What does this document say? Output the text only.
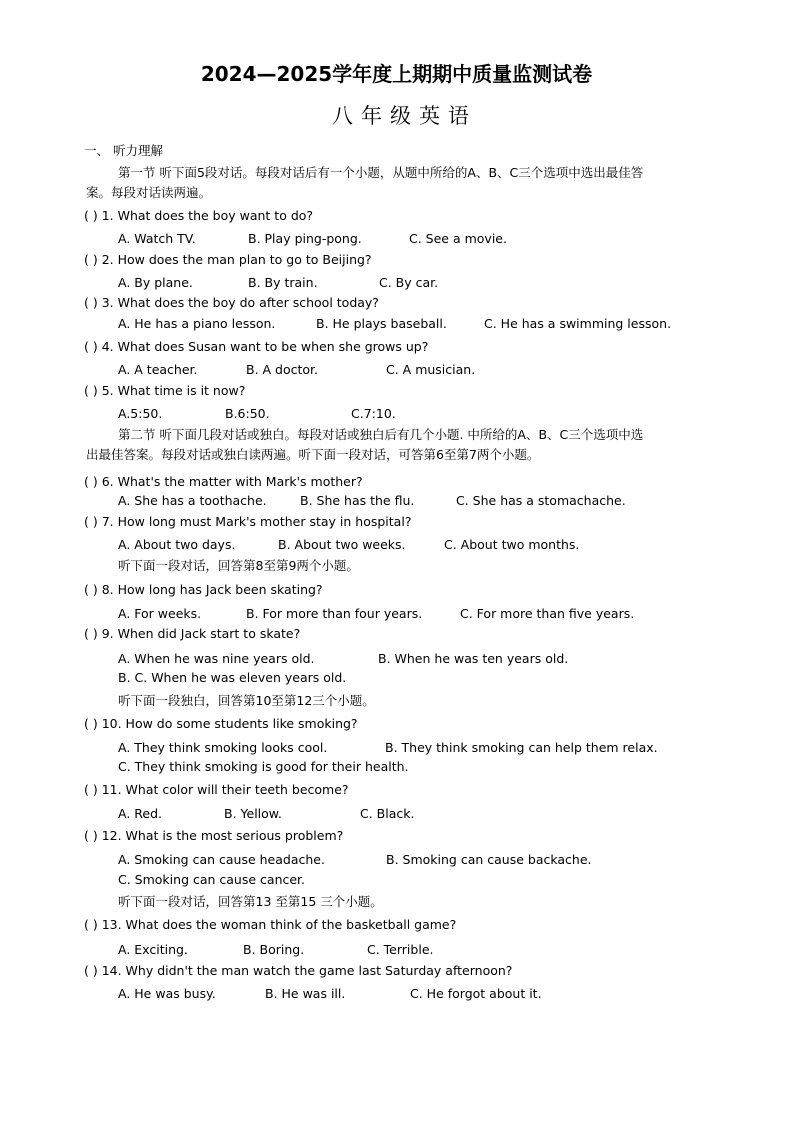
2024—2025学年度上期期中质量监测试卷
八年级英语
一、 听力理解
第一节 听下面5段对话。每段对话后有一个小题，从题中所给的A、B、C三个选项中选出最佳答
案。每段对话读两遍。
( ) 1. What does the boy want to do?
A. Watch TV.	B. Play ping-pong.	C. See a movie.
( ) 2. How does the man plan to go to Beijing?
A. By plane.	B. By train.	C. By car.
( ) 3. What does the boy do after school today?
A. He has a piano lesson.	B. He plays baseball.	C. He has a swimming lesson.
( ) 4. What does Susan want to be when she grows up?
A. A teacher.	B. A doctor.	C. A musician.
( ) 5. What time is it now?
A.5:50.	B.6:50.	C.7:10.
第二节 听下面几段对话或独白。每段对话或独白后有几个小题. 中所给的A、B、C三个选项中选
出最佳答案。每段对话或独白读两遍。听下面一段对话，可答第6至第7两个小题。
( ) 6. What's the matter with Mark's mother?
A. She has a toothache.	B. She has the flu.	C. She has a stomachache.
( ) 7. How long must Mark's mother stay in hospital?
A. About two days.	B. About two weeks.	C. About two months.
听下面一段对话，回答第8至第9两个小题。
( ) 8. How long has Jack been skating?
A. For weeks.	B. For more than four years.	C. For more than five years.
( ) 9. When did Jack start to skate?
A. When he was nine years old.	B. When he was ten years old.
B. C. When he was eleven years old.
听下面一段独白，回答第10至第12三个小题。
( ) 10. How do some students like smoking?
A. They think smoking looks cool.	B. They think smoking can help them relax.
C. They think smoking is good for their health.
( ) 11. What color will their teeth become?
A. Red.	B. Yellow.	C. Black.
( ) 12. What is the most serious problem?
A. Smoking can cause headache.	B. Smoking can cause backache.
C. Smoking can cause cancer.
听下面一段对话，回答第13 至第15 三个小题。
( ) 13. What does the woman think of the basketball game?
A. Exciting.	B. Boring.	C. Terrible.
( ) 14. Why didn't the man watch the game last Saturday afternoon?
A. He was busy.	B. He was ill.	C. He forgot about it.
